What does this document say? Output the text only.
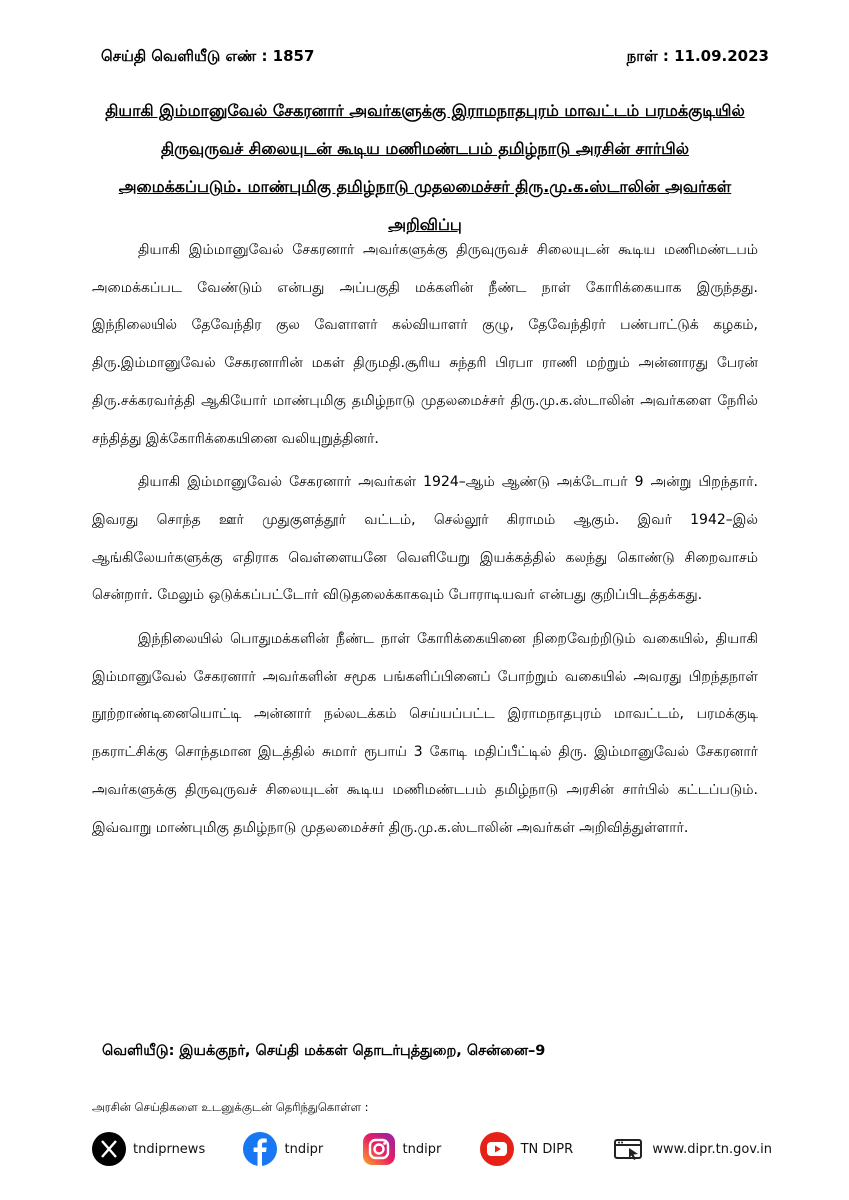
செய்தி வெளியீடு எண் : 1857	நாள் : 11.09.2023
தியாகி இம்மானுவேல் சேகரனார் அவர்களுக்கு இராமநாதபுரம் மாவட்டம் பரமக்குடியில் திருவுருவச் சிலையுடன் கூடிய மணிமண்டபம் தமிழ்நாடு அரசின் சார்பில் அமைக்கப்படும். மாண்புமிகு தமிழ்நாடு முதலமைச்சர் திரு.மு.க.ஸ்டாலின் அவர்கள் அறிவிப்பு

தியாகி இம்மானுவேல் சேகரனார் அவர்களுக்கு திருவுருவச் சிலையுடன் கூடிய மணிமண்டபம் அமைக்கப்பட வேண்டும் என்பது அப்பகுதி மக்களின் நீண்ட நாள் கோரிக்கையாக இருந்தது. இந்நிலையில் தேவேந்திர குல வேளாளர் கல்வியாளர் குழு, தேவேந்திரர் பண்பாட்டுக் கழகம், திரு.இம்மானுவேல் சேகரனாரின் மகள் திருமதி.சூரிய சுந்தரி பிரபா ராணி மற்றும் அன்னாரது பேரன் திரு.சக்கரவர்த்தி ஆகியோர் மாண்புமிகு தமிழ்நாடு முதலமைச்சர் திரு.மு.க.ஸ்டாலின் அவர்களை நேரில் சந்தித்து இக்கோரிக்கையினை வலியுறுத்தினர்.

தியாகி இம்மானுவேல் சேகரனார் அவர்கள் 1924–ஆம் ஆண்டு அக்டோபர் 9 அன்று பிறந்தார். இவரது சொந்த ஊர் முதுகுளத்தூர் வட்டம், செல்லூர் கிராமம் ஆகும். இவர் 1942–இல் ஆங்கிலேயர்களுக்கு எதிராக வெள்ளையனே வெளியேறு இயக்கத்தில் கலந்து கொண்டு சிறைவாசம் சென்றார். மேலும் ஒடுக்கப்பட்டோர் விடுதலைக்காகவும் போராடியவர் என்பது குறிப்பிடத்தக்கது.

இந்நிலையில் பொதுமக்களின் நீண்ட நாள் கோரிக்கையினை நிறைவேற்றிடும் வகையில், தியாகி இம்மானுவேல் சேகரனார் அவர்களின் சமூக பங்களிப்பினைப் போற்றும் வகையில் அவரது பிறந்தநாள் நூற்றாண்டினையொட்டி அன்னார் நல்லடக்கம் செய்யப்பட்ட இராமநாதபுரம் மாவட்டம், பரமக்குடி நகராட்சிக்கு சொந்தமான இடத்தில் சுமார் ரூபாய் 3 கோடி மதிப்பீட்டில் திரு. இம்மானுவேல் சேகரனார் அவர்களுக்கு திருவுருவச் சிலையுடன் கூடிய மணிமண்டபம் தமிழ்நாடு அரசின் சார்பில் கட்டப்படும். இவ்வாறு மாண்புமிகு தமிழ்நாடு முதலமைச்சர் திரு.மு.க.ஸ்டாலின் அவர்கள் அறிவித்துள்ளார்.

வெளியீடு: இயக்குநர், செய்தி மக்கள் தொடர்புத்துறை, சென்னை–9
அரசின் செய்திகளை உடனுக்குடன் தெரிந்துகொள்ள :
tndiprnews	tndipr	tndipr	TN DIPR	www.dipr.tn.gov.in
